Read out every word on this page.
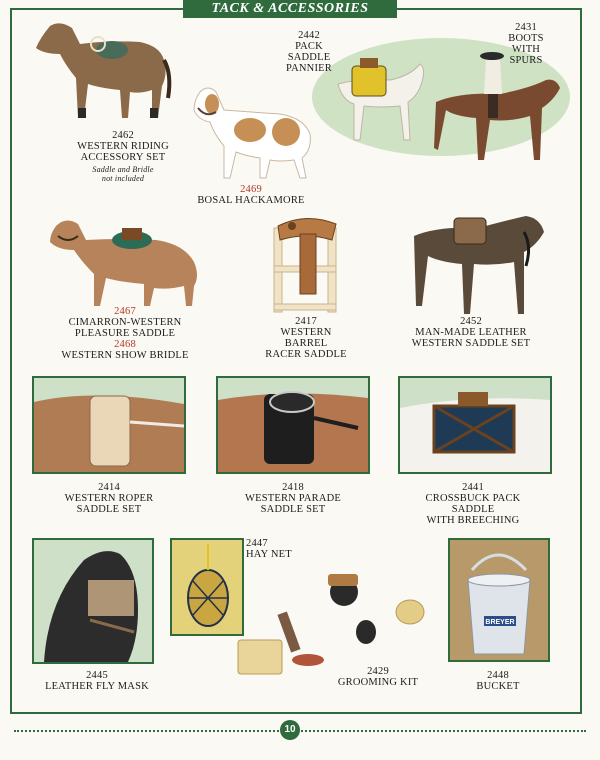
TACK & ACCESSORIES
2462
WESTERN RIDING
ACCESSORY SET
Saddle and Bridle
not included
2469
BOSAL HACKAMORE
2442
PACK SADDLE
PANNIER
2431
BOOTS
WITH
SPURS
2467
CIMARRON-WESTERN
PLEASURE SADDLE
2468
WESTERN SHOW BRIDLE
2417
WESTERN
BARREL
RACER SADDLE
2452
MAN-MADE LEATHER
WESTERN SADDLE SET
2414
WESTERN ROPER
SADDLE SET
2418
WESTERN PARADE
SADDLE SET
2441
CROSSBUCK PACK
SADDLE
WITH BREECHING
2445
LEATHER FLY MASK
2447
HAY NET
2429
GROOMING KIT
BREYER
2448
BUCKET
10
